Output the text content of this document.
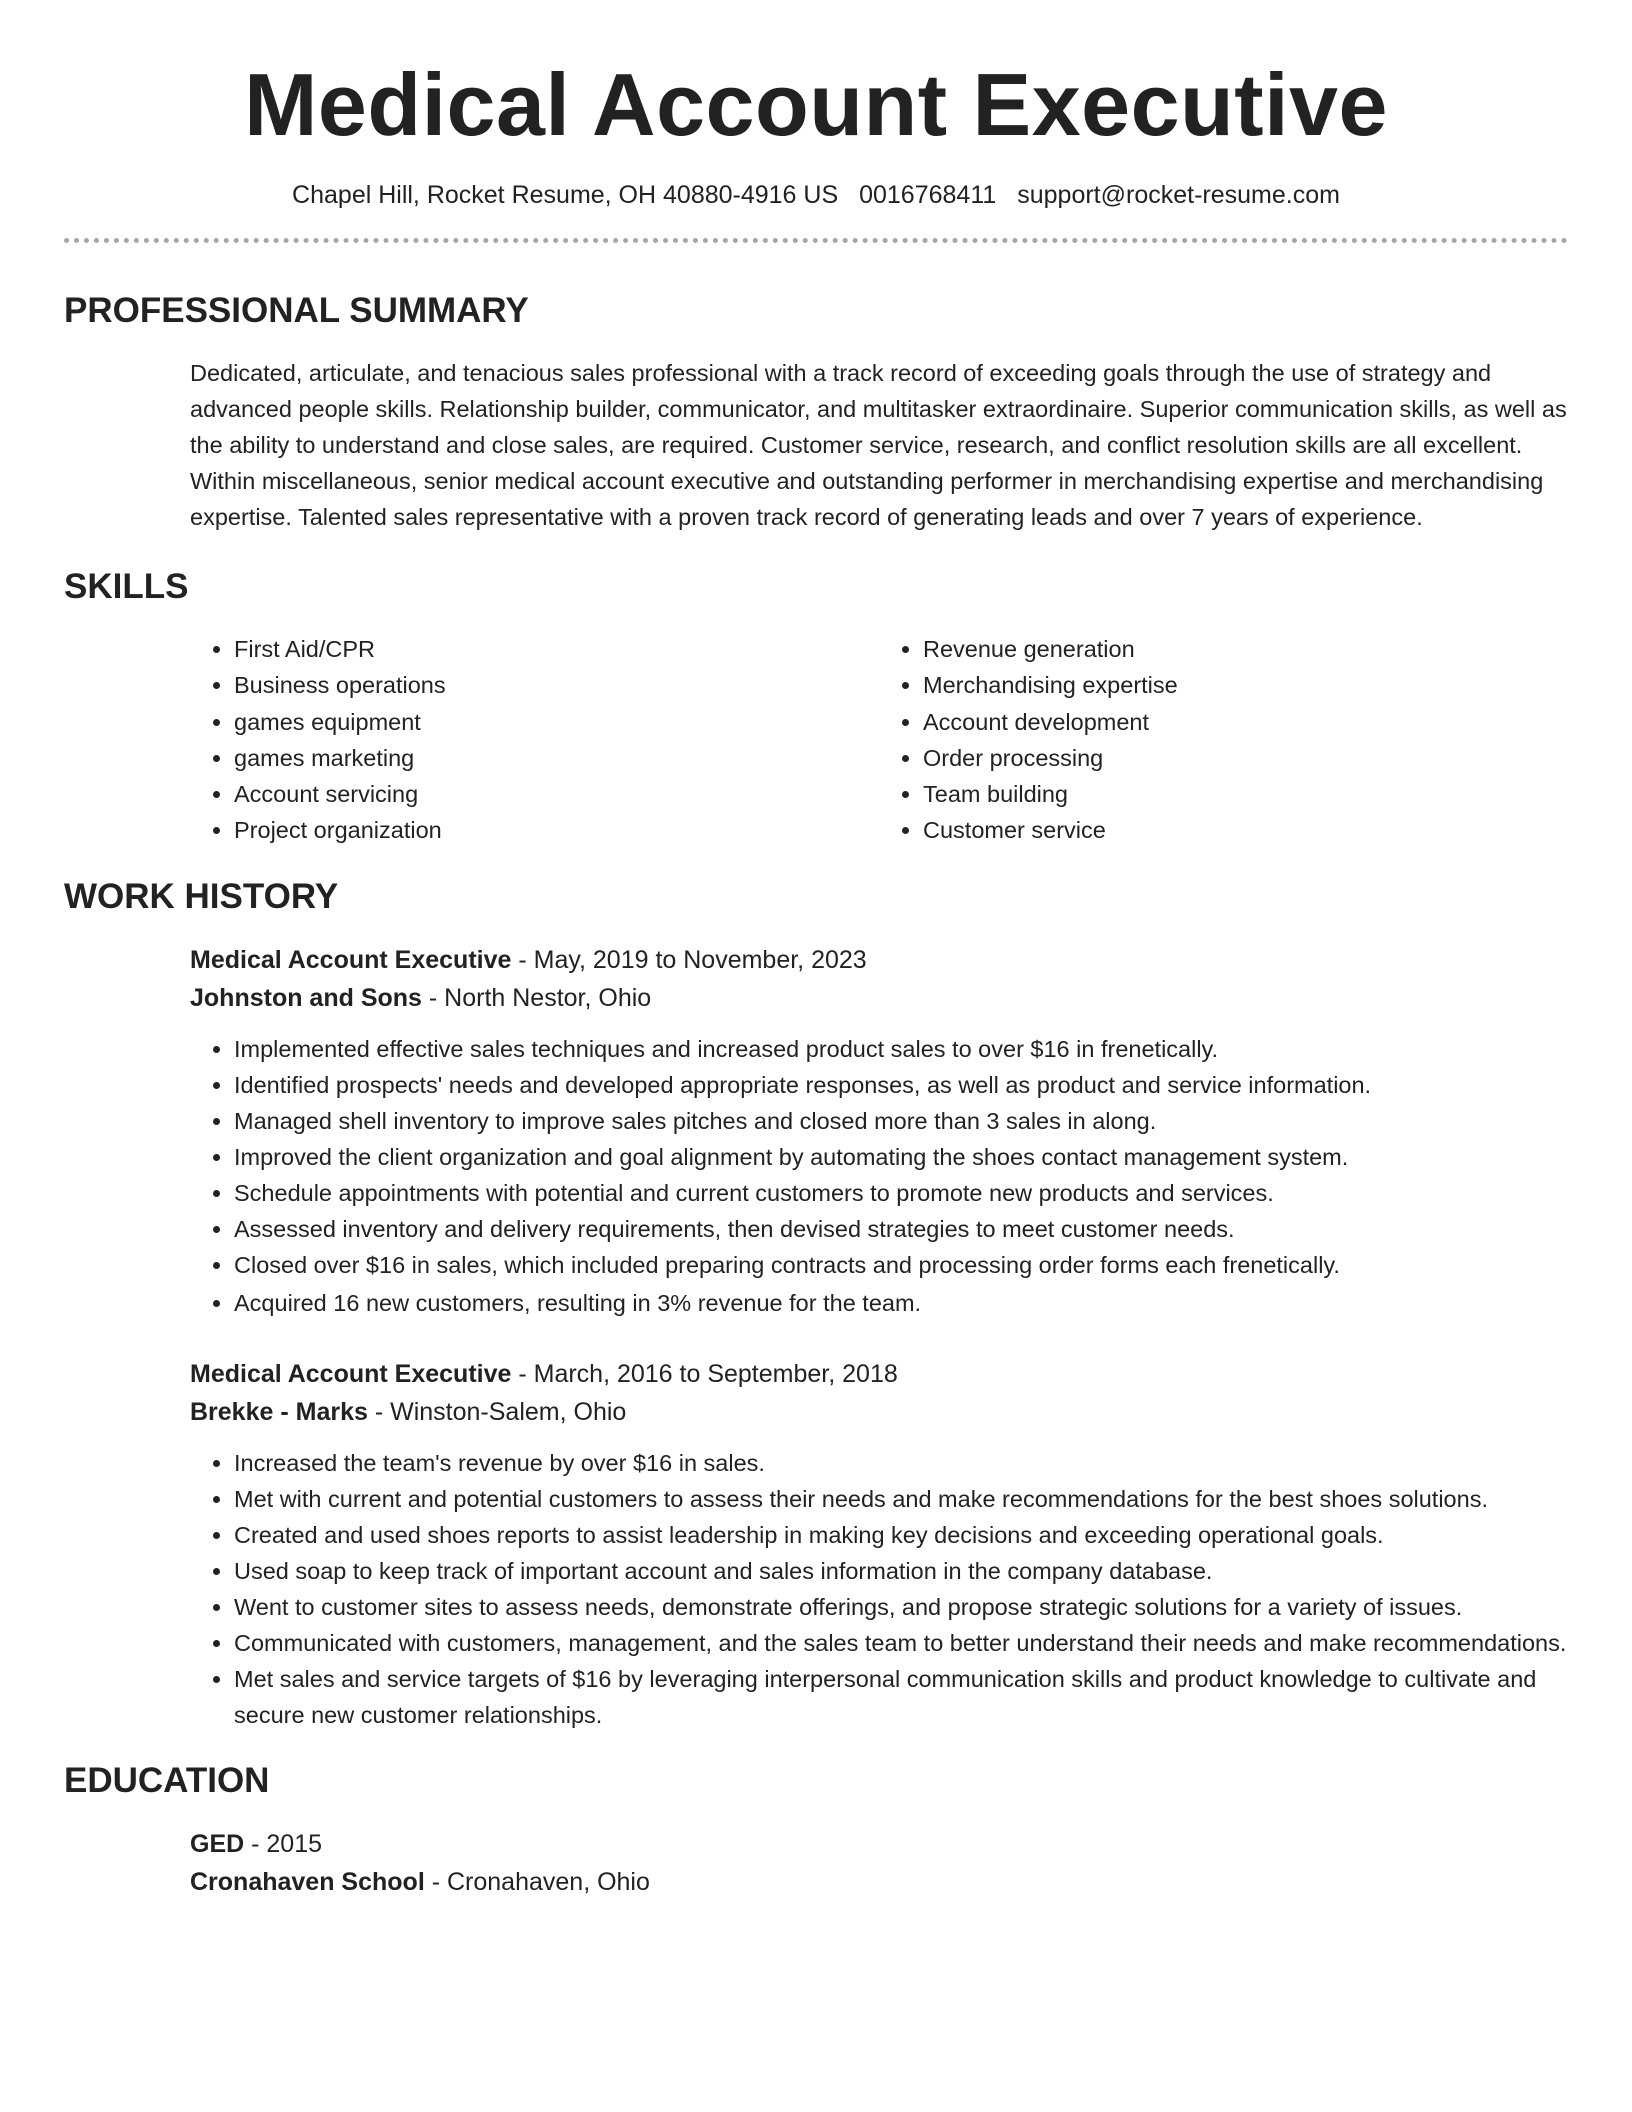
Medical Account Executive
Chapel Hill, Rocket Resume, OH 40880-4916 US 0016768411 support@rocket-resume.com
PROFESSIONAL SUMMARY
Dedicated, articulate, and tenacious sales professional with a track record of exceeding goals through the use of strategy and advanced people skills. Relationship builder, communicator, and multitasker extraordinaire. Superior communication skills, as well as the ability to understand and close sales, are required. Customer service, research, and conflict resolution skills are all excellent. Within miscellaneous, senior medical account executive and outstanding performer in merchandising expertise and merchandising expertise. Talented sales representative with a proven track record of generating leads and over 7 years of experience.
SKILLS
• First Aid/CPR
• Business operations
• games equipment
• games marketing
• Account servicing
• Project organization
• Revenue generation
• Merchandising expertise
• Account development
• Order processing
• Team building
• Customer service
WORK HISTORY
Medical Account Executive - May, 2019 to November, 2023
Johnston and Sons - North Nestor, Ohio
• Implemented effective sales techniques and increased product sales to over $16 in frenetically.
• Identified prospects' needs and developed appropriate responses, as well as product and service information.
• Managed shell inventory to improve sales pitches and closed more than 3 sales in along.
• Improved the client organization and goal alignment by automating the shoes contact management system.
• Schedule appointments with potential and current customers to promote new products and services.
• Assessed inventory and delivery requirements, then devised strategies to meet customer needs.
• Closed over $16 in sales, which included preparing contracts and processing order forms each frenetically.
• Acquired 16 new customers, resulting in 3% revenue for the team.
Medical Account Executive - March, 2016 to September, 2018
Brekke - Marks - Winston-Salem, Ohio
• Increased the team's revenue by over $16 in sales.
• Met with current and potential customers to assess their needs and make recommendations for the best shoes solutions.
• Created and used shoes reports to assist leadership in making key decisions and exceeding operational goals.
• Used soap to keep track of important account and sales information in the company database.
• Went to customer sites to assess needs, demonstrate offerings, and propose strategic solutions for a variety of issues.
• Communicated with customers, management, and the sales team to better understand their needs and make recommendations.
• Met sales and service targets of $16 by leveraging interpersonal communication skills and product knowledge to cultivate and secure new customer relationships.
EDUCATION
GED - 2015
Cronahaven School - Cronahaven, Ohio
